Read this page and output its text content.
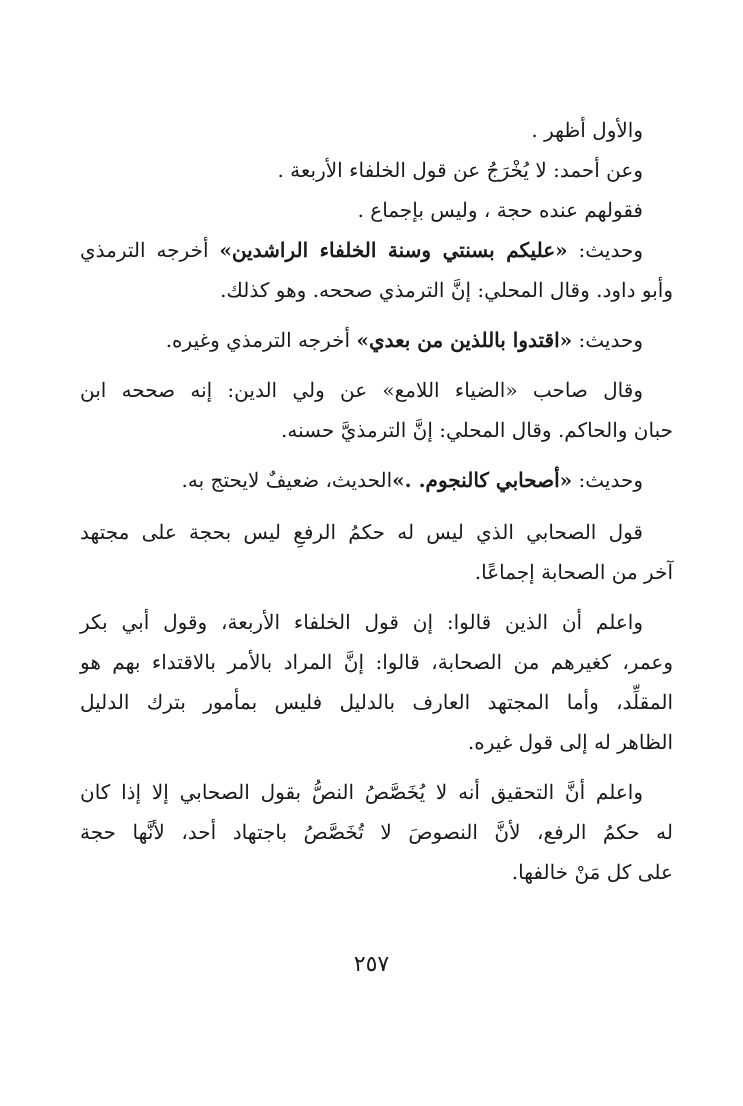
والأول أظهر .

وعن أحمد: لا يُخْرَجُ عن قول الخلفاء الأربعة .

فقولهم عنده حجة ، وليس بإجماع .

وحديث: «عليكم بسنتي وسنة الخلفاء الراشدين» أخرجه الترمذي
وأبو داود. وقال المحلي: إنَّ الترمذي صححه. وهو كذلك.

وحديث: «اقتدوا باللذين من بعدي» أخرجه الترمذي وغيره.

وقال صاحب «الضياء اللامع» عن ولي الدين: إنه صححه ابن
حبان والحاكم. وقال المحلي: إنَّ الترمذيَّ حسنه.

وحديث: «أصحابي كالنجوم. .»الحديث، ضعيفٌ لايحتج به.

قول الصحابي الذي ليس له حكمُ الرفعِ ليس بحجة على مجتهد
آخر من الصحابة إجماعًا.

واعلم أن الذين قالوا: إن قول الخلفاء الأربعة، وقول أبي بكر
وعمر، كغيرهم من الصحابة، قالوا: إنَّ المراد بالأمر بالاقتداء بهم هو
المقلِّد، وأما المجتهد العارف بالدليل فليس بمأمور بترك الدليل
الظاهر له إلى قول غيره.

واعلم أنَّ التحقيق أنه لا يُخَصَّصُ النصُّ بقول الصحابي إلا إذا كان
له حكمُ الرفع، لأنَّ النصوصَ لا تُخَصَّصُ باجتهاد أحد، لأنَّها حجة
على كل مَنْ خالفها.

٢٥٧
